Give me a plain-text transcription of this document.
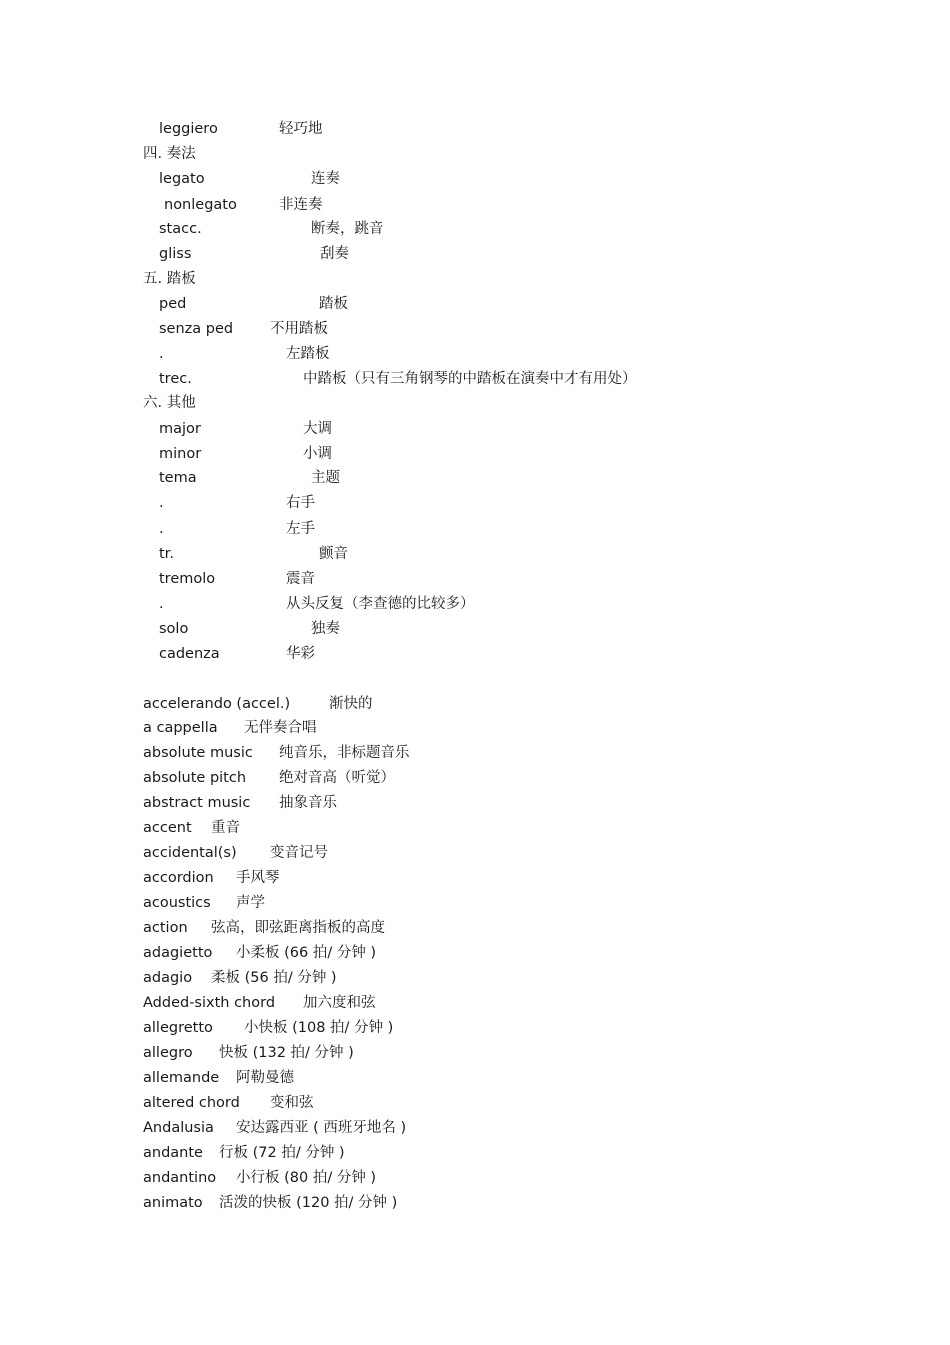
leggiero	轻巧地
四. 奏法
legato	连奏
nonlegato	非连奏
stacc.	断奏，跳音
gliss	刮奏
五. 踏板
ped	踏板
senza ped	不用踏板
.	左踏板
trec.	中踏板（只有三角钢琴的中踏板在演奏中才有用处）
六. 其他
major	大调
minor	小调
tema	主题
.	右手
.	左手
tr.	颤音
tremolo	震音
.	从头反复（李查德的比较多）
solo	独奏
cadenza	华彩
accelerando (accel.)	渐快的
a cappella 无伴奏合唱
absolute music 纯音乐，非标题音乐
absolute pitch 绝对音高（听觉）
abstract music 抽象音乐
accent 重音
accidental(s) 变音记号
accordion 手风琴
acoustics 声学
action 弦高，即弦距离指板的高度
adagietto 小柔板 (66 拍/ 分钟 )
adagio 柔板 (56 拍/ 分钟 )
Added-sixth chord 加六度和弦
allegretto 小快板 (108 拍/ 分钟 )
allegro 快板 (132 拍/ 分钟 )
allemande 阿勒曼德
altered chord 变和弦
Andalusia 安达露西亚 ( 西班牙地名 )
andante 行板 (72 拍/ 分钟 )
andantino 小行板 (80 拍/ 分钟 )
animato 活泼的快板 (120 拍/ 分钟 )
